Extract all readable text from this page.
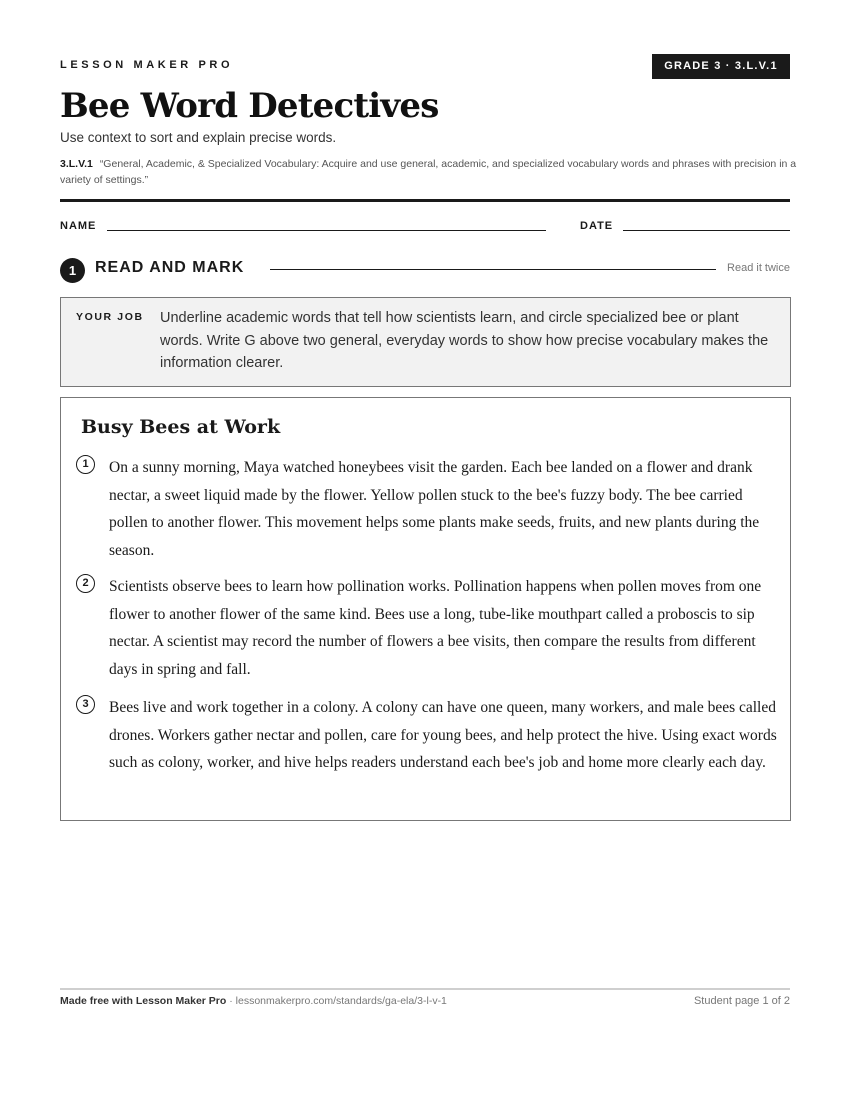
LESSON MAKER PRO	GRADE 3 · 3.L.V.1
Bee Word Detectives
Use context to sort and explain precise words.
3.L.V.1 “General, Academic, & Specialized Vocabulary: Acquire and use general, academic, and specialized vocabulary words and phrases with precision in a variety of settings.”
NAME	DATE
1	READ AND MARK	Read it twice
YOUR JOB Underline academic words that tell how scientists learn, and circle specialized bee or plant words. Write G above two general, everyday words to show how precise vocabulary makes the information clearer.
Busy Bees at Work
1	On a sunny morning, Maya watched honeybees visit the garden. Each bee landed on a flower and drank nectar, a sweet liquid made by the flower. Yellow pollen stuck to the bee's fuzzy body. The bee carried pollen to another flower. This movement helps some plants make seeds, fruits, and new plants during the season.
2	Scientists observe bees to learn how pollination works. Pollination happens when pollen moves from one flower to another flower of the same kind. Bees use a long, tube-like mouthpart called a proboscis to sip nectar. A scientist may record the number of flowers a bee visits, then compare the results from different days in spring and fall.
3	Bees live and work together in a colony. A colony can have one queen, many workers, and male bees called drones. Workers gather nectar and pollen, care for young bees, and help protect the hive. Using exact words such as colony, worker, and hive helps readers understand each bee's job and home more clearly each day.
Made free with Lesson Maker Pro · lessonmakerpro.com/standards/ga-ela/3-l-v-1	Student page 1 of 2
